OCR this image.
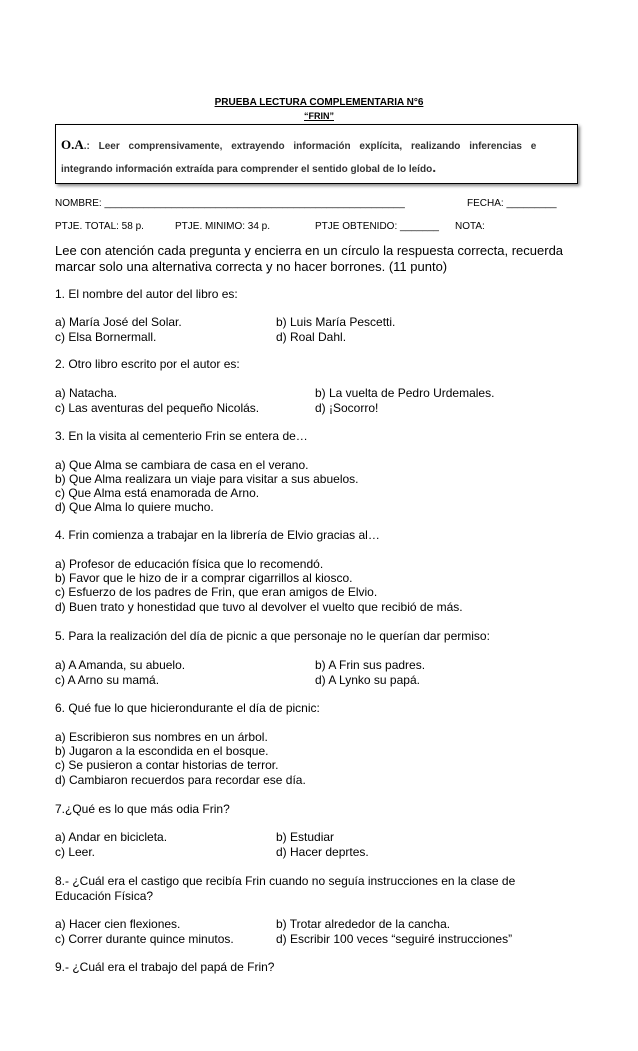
PRUEBA LECTURA COMPLEMENTARIA N°6
“FRIN”
O.A.: Leer comprensivamente, extrayendo información explícita, realizando inferencias e
integrando información extraída para comprender el sentido global de lo leído.
NOMBRE: ______________________________________________________	FECHA: _________
PTJE. TOTAL: 58 p.	PTJE. MINIMO: 34 p.	PTJE OBTENIDO: _______ NOTA:
Lee con atención cada pregunta y encierra en un círculo la respuesta correcta, recuerda
marcar solo una alternativa correcta y no hacer borrones. (11 punto)
1. El nombre del autor del libro es:
a) María José del Solar.	b) Luis María Pescetti.
c) Elsa Bornermall.	d) Roal Dahl.
2. Otro libro escrito por el autor es:
a) Natacha.	b) La vuelta de Pedro Urdemales.
c) Las aventuras del pequeño Nicolás.	d) ¡Socorro!
3. En la visita al cementerio Frin se entera de…
a) Que Alma se cambiara de casa en el verano.
b) Que Alma realizara un viaje para visitar a sus abuelos.
c) Que Alma está enamorada de Arno.
d) Que Alma lo quiere mucho.
4. Frin comienza a trabajar en la librería de Elvio gracias al…
a) Profesor de educación física que lo recomendó.
b) Favor que le hizo de ir a comprar cigarrillos al kiosco.
c) Esfuerzo de los padres de Frin, que eran amigos de Elvio.
d) Buen trato y honestidad que tuvo al devolver el vuelto que recibió de más.
5. Para la realización del día de picnic a que personaje no le querían dar permiso:
a) A Amanda, su abuelo.	b) A Frin sus padres.
c) A Arno su mamá.	d) A Lynko su papá.
6. Qué fue lo que hicierondurante el día de picnic:
a) Escribieron sus nombres en un árbol.
b) Jugaron a la escondida en el bosque.
c) Se pusieron a contar historias de terror.
d) Cambiaron recuerdos para recordar ese día.
7.¿Qué es lo que más odia Frin?
a) Andar en bicicleta.	b) Estudiar
c) Leer.	d) Hacer deprtes.
8.- ¿Cuál era el castigo que recibía Frin cuando no seguía instrucciones en la clase de
Educación Física?
a) Hacer cien flexiones.	b) Trotar alrededor de la cancha.
c) Correr durante quince minutos.	d) Escribir 100 veces “seguiré instrucciones”
9.- ¿Cuál era el trabajo del papá de Frin?
